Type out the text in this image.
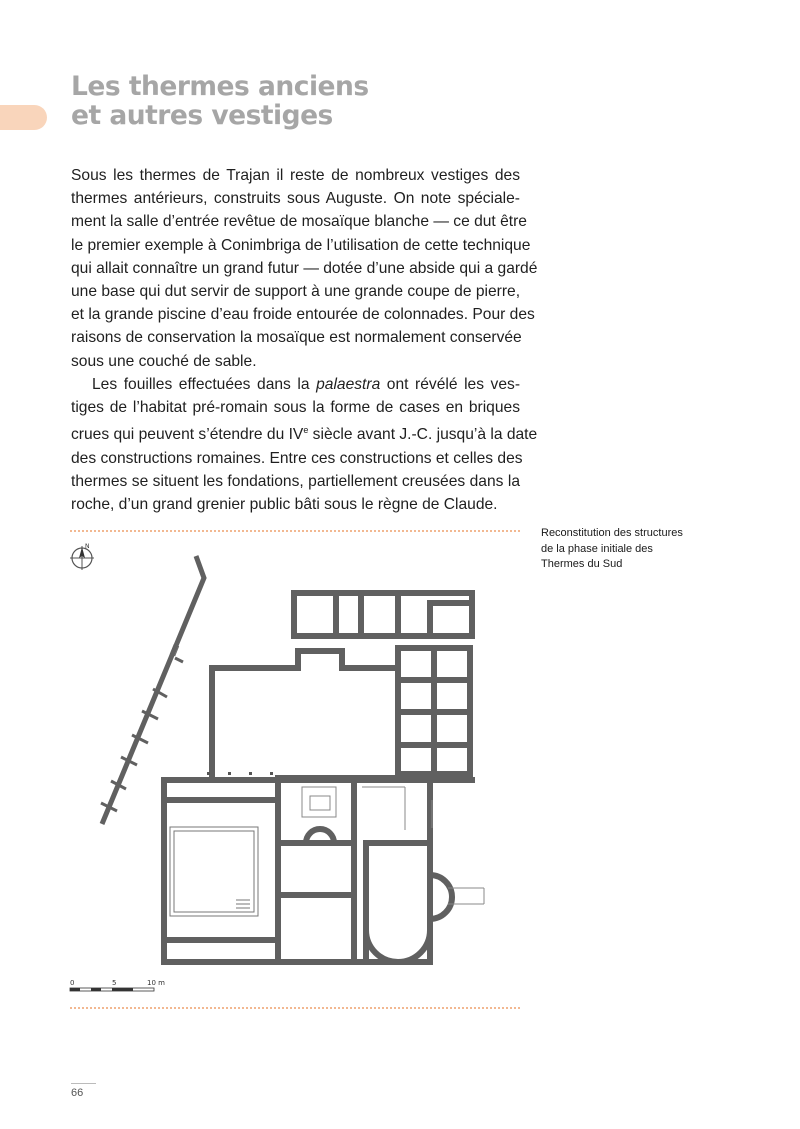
Les thermes anciens
et autres vestiges
Sous les thermes de Trajan il reste de nombreux vestiges des
thermes antérieurs, construits sous Auguste. On note spéciale-
ment la salle d’entrée revêtue de mosaïque blanche — ce dut être
le premier exemple à Conimbriga de l’utilisation de cette technique
qui allait connaître un grand futur — dotée d’une abside qui a gardé
une base qui dut servir de support à une grande coupe de pierre,
et la grande piscine d’eau froide entourée de colonnades. Pour des
raisons de conservation la mosaïque est normalement conservée
sous une couché de sable.
Les fouilles effectuées dans la palaestra ont révélé les ves-
tiges de l’habitat pré-romain sous la forme de cases en briques
crues qui peuvent s’étendre du IVe siècle avant J.-C. jusqu’à la date
des constructions romaines. Entre ces constructions et celles des
thermes se situent les fondations, partiellement creusées dans la
roche, d’un grand grenier public bâti sous le règne de Claude.
Reconstitution des structures
de la phase initiale des
Thermes du Sud
N
0	5	10 m
66
